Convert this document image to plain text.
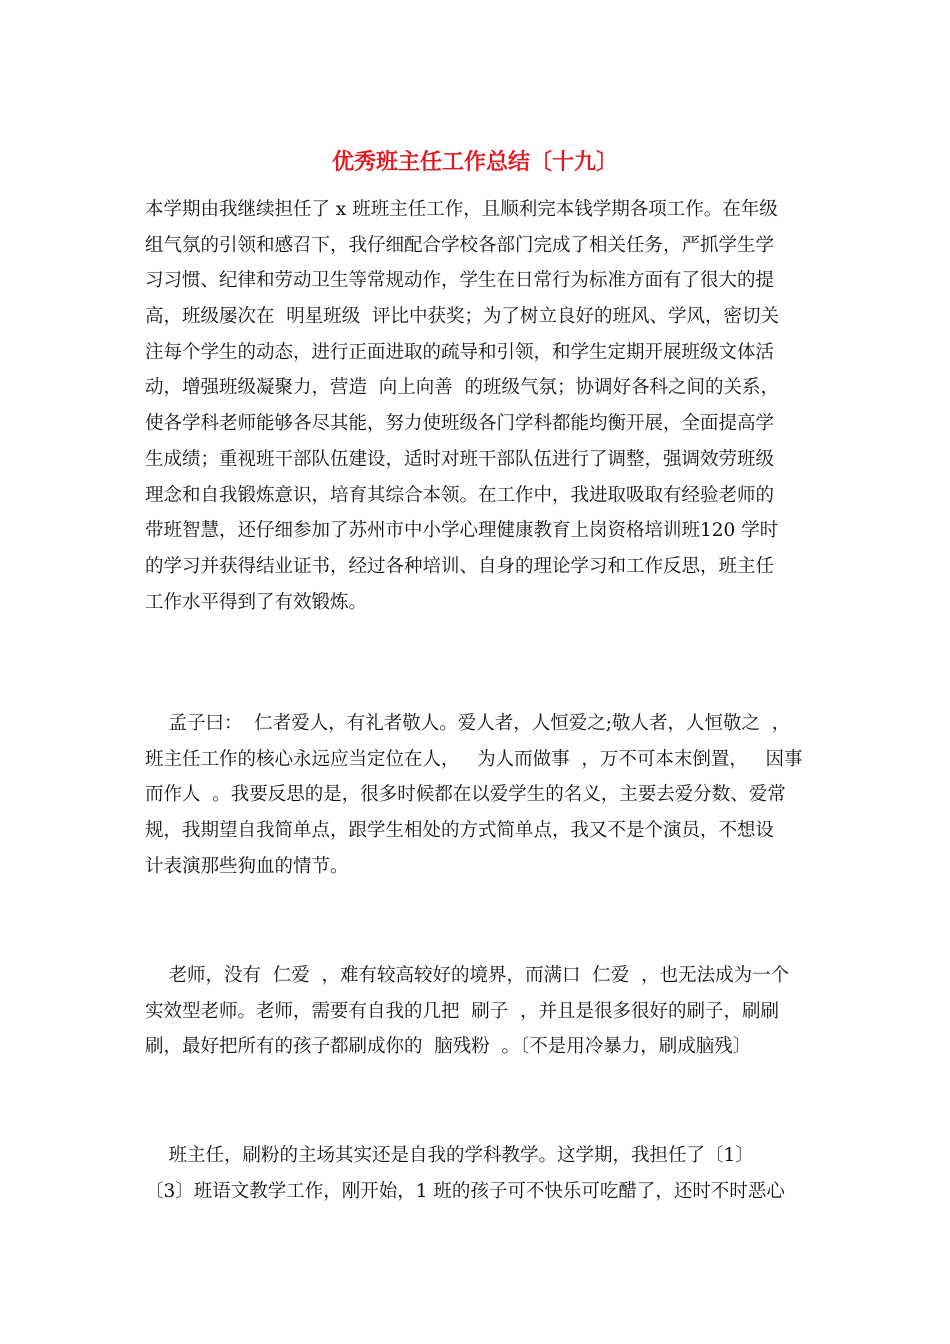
优秀班主任工作总结〔十九〕
本学期由我继续担任了 x 班班主任工作，且顺利完本钱学期各项工作。在年级
组气氛的引领和感召下，我仔细配合学校各部门完成了相关任务，严抓学生学
习习惯、纪律和劳动卫生等常规动作，学生在日常行为标准方面有了很大的提
高，班级屡次在  明星班级  评比中获奖；为了树立良好的班风、学风，密切关
注每个学生的动态，进行正面进取的疏导和引领，和学生定期开展班级文体活
动，增强班级凝聚力，营造  向上向善  的班级气氛；协调好各科之间的关系，
使各学科老师能够各尽其能，努力使班级各门学科都能均衡开展，全面提高学
生成绩；重视班干部队伍建设，适时对班干部队伍进行了调整，强调效劳班级
理念和自我锻炼意识，培育其综合本领。在工作中，我进取吸取有经验老师的
带班智慧，还仔细参加了苏州市中小学心理健康教育上岗资格培训班120 学时
的学习并获得结业证书，经过各种培训、自身的理论学习和工作反思，班主任
工作水平得到了有效锻炼。
孟子曰：  仁者爱人，有礼者敬人。爱人者，人恒爱之;敬人者，人恒敬之  ，
班主任工作的核心永远应当定位在人，   为人而做事  ，万不可本末倒置，   因事
而作人  。我要反思的是，很多时候都在以爱学生的名义，主要去爱分数、爱常
规，我期望自我简单点，跟学生相处的方式简单点，我又不是个演员，不想设
计表演那些狗血的情节。
老师，没有  仁爱  ，难有较高较好的境界，而满口  仁爱  ，也无法成为一个
实效型老师。老师，需要有自我的几把  刷子  ，并且是很多很好的刷子，刷刷
刷，最好把所有的孩子都刷成你的  脑残粉  。〔不是用冷暴力，刷成脑残〕
班主任，刷粉的主场其实还是自我的学科教学。这学期，我担任了〔1〕
〔3〕班语文教学工作，刚开始，1 班的孩子可不快乐可吃醋了，还时不时恶心
